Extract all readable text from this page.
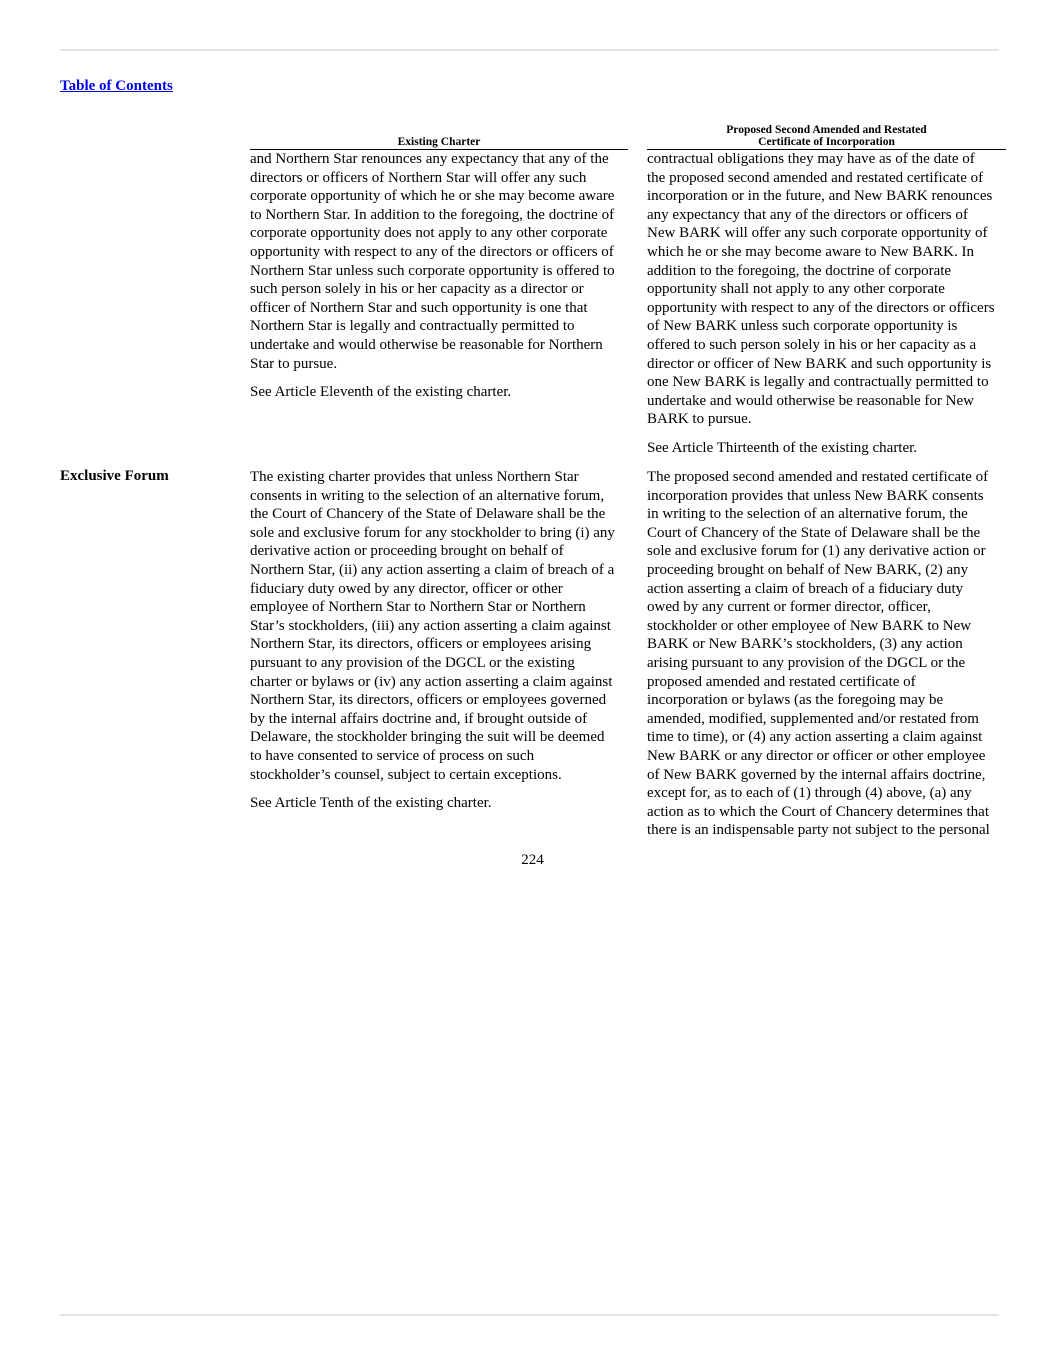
Table of Contents
Existing Charter
Proposed Second Amended and Restated
Certificate of Incorporation

and Northern Star renounces any expectancy that any of the

directors or officers of Northern Star will offer any such

corporate opportunity of which he or she may become aware

to Northern Star. In addition to the foregoing, the doctrine of

corporate opportunity does not apply to any other corporate

opportunity with respect to any of the directors or officers of

Northern Star unless such corporate opportunity is offered to

such person solely in his or her capacity as a director or

officer of Northern Star and such opportunity is one that

Northern Star is legally and contractually permitted to

undertake and would otherwise be reasonable for Northern

Star to pursue.

See Article Eleventh of the existing charter.

contractual obligations they may have as of the date of

the proposed second amended and restated certificate of

incorporation or in the future, and New BARK renounces

any expectancy that any of the directors or officers of

New BARK will offer any such corporate opportunity of

which he or she may become aware to New BARK. In

addition to the foregoing, the doctrine of corporate

opportunity shall not apply to any other corporate

opportunity with respect to any of the directors or officers

of New BARK unless such corporate opportunity is

offered to such person solely in his or her capacity as a

director or officer of New BARK and such opportunity is

one New BARK is legally and contractually permitted to

undertake and would otherwise be reasonable for New

BARK to pursue.

See Article Thirteenth of the existing charter.

Exclusive Forum	The existing charter provides that unless Northern Star

consents in writing to the selection of an alternative forum,

the Court of Chancery of the State of Delaware shall be the

sole and exclusive forum for any stockholder to bring (i) any

derivative action or proceeding brought on behalf of

Northern Star, (ii) any action asserting a claim of breach of a

fiduciary duty owed by any director, officer or other

employee of Northern Star to Northern Star or Northern

Star’s stockholders, (iii) any action asserting a claim against

Northern Star, its directors, officers or employees arising

pursuant to any provision of the DGCL or the existing

charter or bylaws or (iv) any action asserting a claim against

Northern Star, its directors, officers or employees governed

by the internal affairs doctrine and, if brought outside of

Delaware, the stockholder bringing the suit will be deemed

to have consented to service of process on such

stockholder’s counsel, subject to certain exceptions.

See Article Tenth of the existing charter.

The proposed second amended and restated certificate of

incorporation provides that unless New BARK consents

in writing to the selection of an alternative forum, the

Court of Chancery of the State of Delaware shall be the

sole and exclusive forum for (1) any derivative action or

proceeding brought on behalf of New BARK, (2) any

action asserting a claim of breach of a fiduciary duty

owed by any current or former director, officer,

stockholder or other employee of New BARK to New

BARK or New BARK’s stockholders, (3) any action

arising pursuant to any provision of the DGCL or the

proposed amended and restated certificate of

incorporation or bylaws (as the foregoing may be

amended, modified, supplemented and/or restated from

time to time), or (4) any action asserting a claim against

New BARK or any director or officer or other employee

of New BARK governed by the internal affairs doctrine,

except for, as to each of (1) through (4) above, (a) any

action as to which the Court of Chancery determines that

there is an indispensable party not subject to the personal

224
